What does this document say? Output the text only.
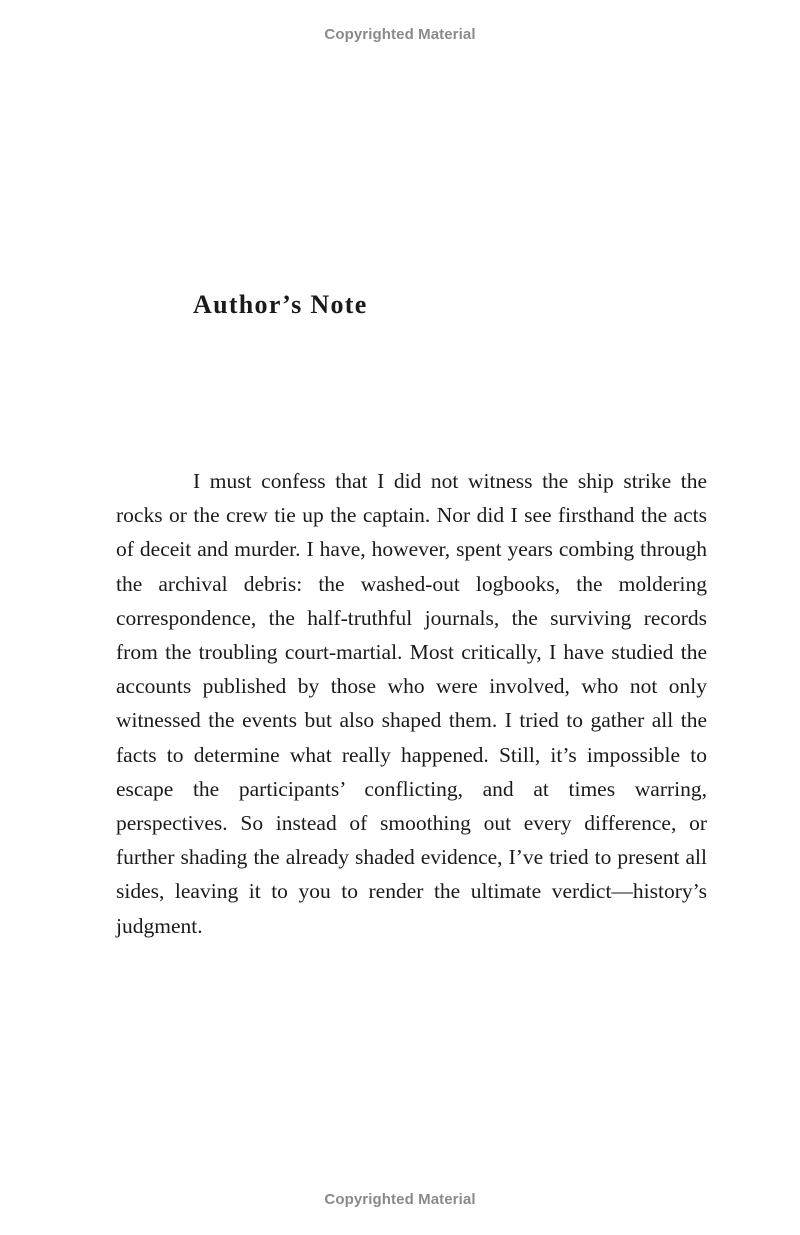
Copyrighted Material
Author’s Note

I must confess that I did not witness the ship strike the rocks or the crew tie up the captain. Nor did I see firsthand the acts of deceit and murder. I have, however, spent years combing through the archival debris: the washed-out logbooks, the moldering correspondence, the half-truthful journals, the surviving records from the troubling court-martial. Most critically, I have studied the accounts published by those who were involved, who not only witnessed the events but also shaped them. I tried to gather all the facts to determine what really happened. Still, it’s impossible to escape the participants’ conflicting, and at times warring, perspectives. So instead of smoothing out every difference, or further shading the already shaded evidence, I’ve tried to present all sides, leaving it to you to render the ultimate verdict—history’s judgment.

Copyrighted Material
